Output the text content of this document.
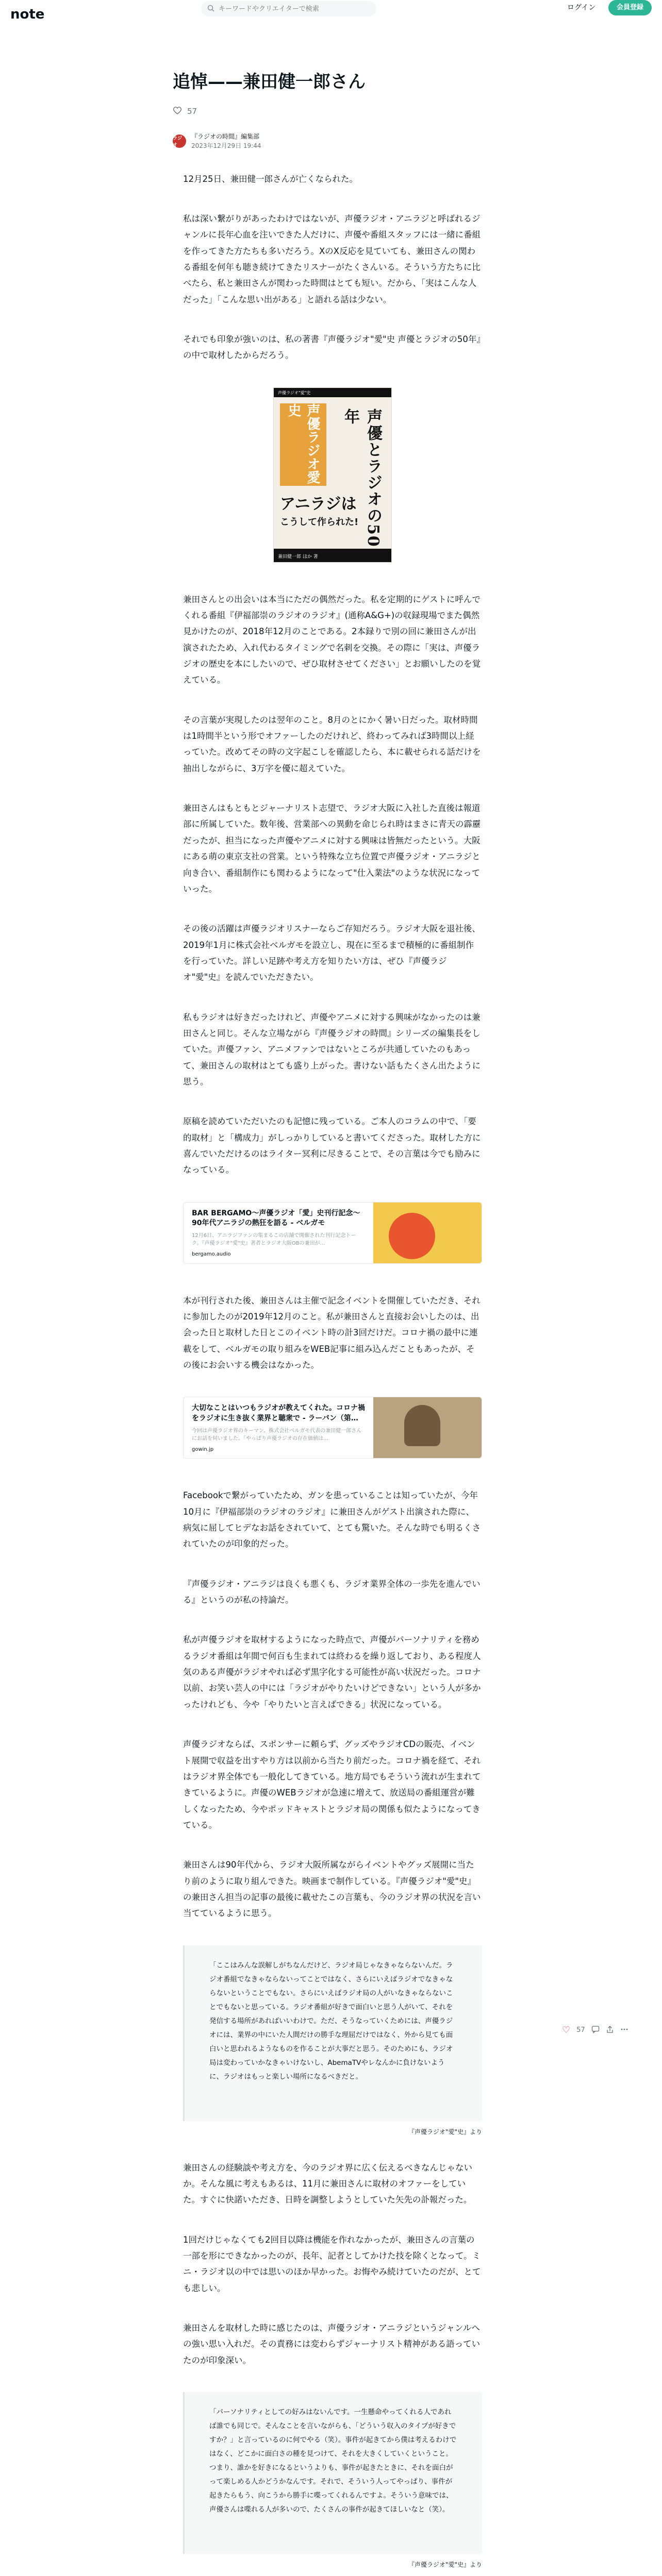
note
キーワードやクリエイターで検索	ログイン	会員登録
追悼——兼田健一郎さん
57
ラジオ
『ラジオの時間』編集部
2023年12月29日 19:44

12月25日、兼田健一郎さんが亡くなられた。

私は深い繋がりがあったわけではないが、声優ラジオ・アニラジと呼ばれるジャンルに長年心血を注いできた人だけに、声優や番組スタッフには一緒に番組を作ってきた方たちも多いだろう。XのX反応を見ていても、兼田さんの関わる番組を何年も聴き続けてきたリスナーがたくさんいる。そういう方たちに比べたら、私と兼田さんが関わった時間はとても短い。だから、「実はこんな人だった」「こんな思い出がある」と語れる話は少ない。

それでも印象が強いのは、私の著書『声優ラジオ"愛"史 声優とラジオの50年』の中で取材したからだろう。

声優ラジオ"愛"史
声優ラジオ愛史	声優とラジオの50年
アニラジは
こうして作られた!
兼田健一郎 ほか 著

兼田さんとの出会いは本当にただの偶然だった。私を定期的にゲストに呼んでくれる番組『伊福部崇のラジオのラジオ』(通称A&G+)の収録現場でまた偶然見かけたのが、2018年12月のことである。2本録りで別の回に兼田さんが出演されたため、入れ代わるタイミングで名刺を交換。その際に「実は、声優ラジオの歴史を本にしたいので、ぜひ取材させてください」とお願いしたのを覚えている。

その言葉が実現したのは翌年のこと。8月のとにかく暑い日だった。取材時間は1時間半という形でオファーしたのだけれど、終わってみれば3時間以上経っていた。改めてその時の文字起こしを確認したら、本に載せられる話だけを抽出しながらに、3万字を優に超えていた。

兼田さんはもともとジャーナリスト志望で、ラジオ大阪に入社した直後は報道部に所属していた。数年後、営業部への異動を命じられ時はまさに青天の霹靂だったが、担当になった声優やアニメに対する興味は皆無だったという。大阪にある萌の東京支社の営業。という特殊な立ち位置で声優ラジオ・アニラジと向き合い、番組制作にも関わるようになって"仕入業法"のような状況になっていった。

その後の活躍は声優ラジオリスナーならご存知だろう。ラジオ大阪を退社後、2019年1月に株式会社ベルガモを設立し、現在に至るまで積極的に番組制作を行っていた。詳しい足跡や考え方を知りたい方は、ぜひ『声優ラジオ"愛"史』を読んでいただきたい。

私もラジオは好きだったけれど、声優やアニメに対する興味がなかったのは兼田さんと同じ。そんな立場ながら『声優ラジオの時間』シリーズの編集長をしていた。声優ファン、アニメファンではないところが共通していたのもあって、兼田さんの取材はとても盛り上がった。書けない話もたくさん出たように思う。

原稿を読めていただいたのも記憶に残っている。ご本人のコラムの中で、「要的取材」と「構成力」がしっかりしていると書いてくださった。取材した方に喜んでいただけるのはライター冥利に尽きることで、その言葉は今でも励みになっている。

BAR BERGAMO〜声優ラジオ「愛」史刊行記念〜90年代アニラジの熱狂を語る - ベルガモ
12月6日、アニラジファンの集まるこの店舗で開催された刊行記念トーク。『声優ラジオ"愛"史』著者とラジオ大阪OBの兼田が…
bergamo.audio

本が刊行された後、兼田さんは主催で記念イベントを開催していただき、それに参加したのが2019年12月のこと。私が兼田さんと直接お会いしたのは、出会った日と取材した日とこのイベント時の計3回だけだ。コロナ禍の最中に連載をして、ベルガモの取り組みをWEB記事に組み込んだこともあったが、その後にお会いする機会はなかった。

大切なことはいつもラジオが教えてくれた。コロナ禍をラジオに生き抜く業界と聴衆で - ラーバン（第…
今回は声優ラジオ界のキーマン、株式会社ベルガモ代表の兼田健一郎さんにお話を伺いました。「やっぱり声優ラジオの存在価値は…
gowin.jp

Facebookで繋がっていたため、ガンを患っていることは知っていたが、今年10月に『伊福部崇のラジオのラジオ』に兼田さんがゲスト出演された際に、病気に屈してヒデなお話をされていて、とても驚いた。そんな時でも明るくされていたのが印象的だった。

『声優ラジオ・アニラジは良くも悪くも、ラジオ業界全体の一歩先を進んでいる』というのが私の持論だ。

私が声優ラジオを取材するようになった時点で、声優がパーソナリティを務めるラジオ番組は年間で何百も生まれては終わるを繰り返しており、ある程度人気のある声優がラジオやれば必ず黒字化する可能性が高い状況だった。コロナ以前、お笑い芸人の中には「ラジオがやりたいけどできない」という人が多かったけれども、今や「やりたいと言えばできる」状況になっている。

声優ラジオならば、スポンサーに頼らず、グッズやラジオCDの販売、イベント展開で収益を出すやり方は以前から当たり前だった。コロナ禍を経て、それはラジオ界全体でも一般化してきている。地方局でもそういう流れが生まれてきているように。声優のWEBラジオが急速に増えて、放送局の番組運営が難しくなったため、今やポッドキャストとラジオ局の関係も似たようになってきている。

兼田さんは90年代から、ラジオ大阪所属ながらイベントやグッズ展開に当たり前のように取り組んできた。映画まで制作している。『声優ラジオ"愛"史』の兼田さん担当の記事の最後に載せたこの言葉も、今のラジオ界の状況を言い当てているように思う。

「ここはみんな誤解しがちなんだけど、ラジオ局じゃなきゃならないんだ。ラジオ番組でなきゃならないってことではなく、さらにいえばラジオでなきゃならないということでもない。さらにいえばラジオ局の人がいなきゃならないことでもないと思っている。ラジオ番組が好きで面白いと思う人がいて、それを発信する場所があればいいわけで。ただ、そうなっていくためには、声優ラジオには、業界の中にいた人間だけの勝手な理屈だけではなく、外から見ても面白いと思われるようなものを作ることが大事だと思う。そのためにも、ラジオ局は変わっていかなきゃいけないし、AbemaTVやレなんかに負けないように、ラジオはもっと楽しい場所になるべきだと。

『声優ラジオ"愛"史』より

兼田さんの経験談や考え方を、今のラジオ界に広く伝えるべきなんじゃないか。そんな風に考えもあるは、11月に兼田さんに取材のオファーをしていた。すぐに快諾いただき、日時を調整しようとしていた矢先の訃報だった。

1回だけじゃなくても2回目以降は機能を作れなかったが、兼田さんの言葉の一部を形にできなかったのが、長年、記者としてかけた技を除くとなって。ミニ・ラジオ以の中では思いのほか早かった。お悔やみ続けていたのだが、とても悲しい。

兼田さんを取材した時に感じたのは、声優ラジオ・アニラジというジャンルへの強い思い入れだ。その責務には変わらずジャーナリスト精神がある語っていたのが印象深い。

「パーソナリティとしての好みはないんです。一生懸命やってくれる人であれば誰でも同じで。そんなことを言いながらも、「どういう収入のタイプが好きですか？」と言っているのに何でやる（笑）。事件が起きてから僕は考えるわけではなく、どこかに面白さの種を見つけて、それを大きくしていくということ。つまり、誰かを好きになるというよりも、事件が起きたときに、それを面白がって楽しめる人かどうかなんです。それで、そういう人ってやっぱり、事件が起きたらもう、向こうから勝手に喋ってくれるんですよ。そういう意味では、声優さんは喋れる人が多いので、たくさんの事件が起きてほしいなと（笑）。

『声優ラジオ"愛"史』より

♡ 57
